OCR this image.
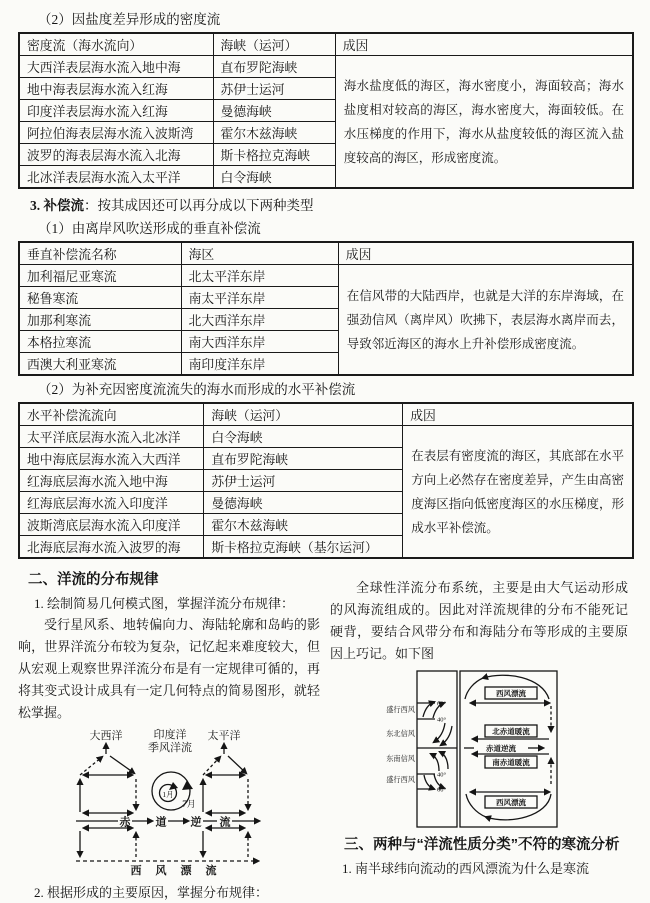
（2）因盐度差异形成的密度流
密度流（海水流向）	海峡（运河）	成因
大西洋表层海水流入地中海	直布罗陀海峡	海水盐度低的海区，海水密度小，海面较高；海水盐度相对较高的海区，海水密度大，海面较低。在水压梯度的作用下，海水从盐度较低的海区流入盐度较高的海区，形成密度流。
地中海表层海水流入红海	苏伊士运河	
印度洋表层海水流入红海	曼德海峡	
阿拉伯海表层海水流入波斯湾	霍尔木兹海峡	
波罗的海表层海水流入北海	斯卡格拉克海峡	
北冰洋表层海水流入太平洋	白令海峡	
3. 补偿流：按其成因还可以再分成以下两种类型
（1）由离岸风吹送形成的垂直补偿流
垂直补偿流名称	海区	成因
加利福尼亚寒流	北太平洋东岸	在信风带的大陆西岸，也就是大洋的东岸海域，在强劲信风（离岸风）吹拂下，表层海水离岸而去，导致邻近海区的海水上升补偿形成密度流。
秘鲁寒流	南太平洋东岸	
加那利寒流	北大西洋东岸	
本格拉寒流	南大西洋东岸	
西澳大利亚寒流	南印度洋东岸	
（2）为补充因密度流流失的海水而形成的水平补偿流
水平补偿流流向	海峡（运河）	成因
太平洋底层海水流入北冰洋	白令海峡	在表层有密度流的海区，其底部在水平方向上必然存在密度差异，产生由高密度海区指向低密度海区的水压梯度，形成水平补偿流。
地中海底层海水流入大西洋	直布罗陀海峡	
红海底层海水流入地中海	苏伊士运河	
红海底层海水流入印度洋	曼德海峡	
波斯湾底层海水流入印度洋	霍尔木兹海峡	
北海底层海水流入波罗的海	斯卡格拉克海峡（基尔运河）	
二、洋流的分布规律
1. 绘制简易几何模式图，掌握洋流分布规律：
受行星风系、地转偏向力、海陆轮廓和岛屿的影响，世界洋流分布较为复杂，记忆起来难度较大，但从宏观上观察世界洋流分布是有一定规律可循的，再将其变式设计成具有一定几何特点的简易图形，就轻松掌握。
大西洋	印度洋
季风洋流
太平洋
1月
7月
赤 道 逆 流
西 风 漂 流
2. 根据形成的主要原因，掌握分布规律：
全球性洋流分布系统，主要是由大气运动形成的风海流组成的。因此对洋流规律的分布不能死记硬背，要结合风带分布和海陆分布等形成的主要原因上巧记。如下图
盛行西风
东北信风
东南信风
盛行西风
60°
40°
40°
60°
西风漂流
北赤道暖流
赤道逆流
南赤道暖流
西风漂流
三、两种与“洋流性质分类”不符的寒流分析
1. 南半球纬向流动的西风漂流为什么是寒流
